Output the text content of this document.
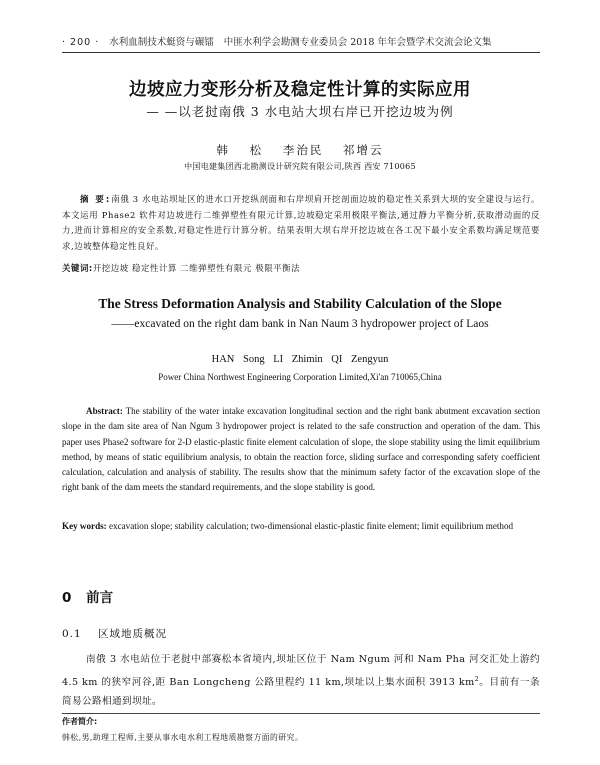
· 200 · 水利血制技术蜓资与碾镭 中匪水利学会勘测专业委员会 2018 年年会暨学术交流会论文集
边坡应力变形分析及稳定性计算的实际应用
— —以老挝南俄 3 水电站大坝右岸已开挖边坡为例
韩 松 李治民 祁增云
中国电建集团西北勘测设计研究院有限公司,陕西 西安 710065
摘 要:南俄 3 水电站坝址区的进水口开挖纵剖面和右岸坝肩开挖剖面边坡的稳定性关系到大坝的安全建设与运行。本文运用 Phase2 软件对边坡进行二维弹塑性有限元计算,边坡稳定采用极限平衡法,通过静力平衡分析,获取滑动面的反力,进而计算相应的安全系数,对稳定性进行计算分析。结果表明大坝右岸开挖边坡在各工况下最小安全系数均满足规范要求,边坡整体稳定性良好。
关键词:开挖边坡 稳定性计算 二维弹塑性有限元 极限平衡法
The Stress Deformation Analysis and Stability Calculation of the Slope
——excavated on the right dam bank in Nan Naum 3 hydropower project of Laos
HAN Song LI Zhimin QI Zengyun
Power China Northwest Engineering Corporation Limited,Xi'an 710065,China
Abstract: The stability of the water intake excavation longitudinal section and the right bank abutment excavation section slope in the dam site area of Nan Ngum 3 hydropower project is related to the safe construction and operation of the dam. This paper uses Phase2 software for 2-D elastic-plastic finite element calculation of slope, the slope stability using the limit equilibrium method, by means of static equilibrium analysis, to obtain the reaction force, sliding surface and corresponding safety coefficient calculation, calculation and analysis of stability. The results show that the minimum safety factor of the excavation slope of the right bank of the dam meets the standard requirements, and the slope stability is good.
Key words: excavation slope; stability calculation; two-dimensional elastic-plastic finite element; limit equilibrium method
0 前言
0.1 区域地质概况
南俄 3 水电站位于老挝中部赛松本省境内,坝址区位于 Nam Ngum 河和 Nam Pha 河交汇处上游约 4.5 km 的狭窄河谷,距 Ban Longcheng 公路里程约 11 km,坝址以上集水面积 3913 $km^2$。目前有一条简易公路相通到坝址。
作者简介:
韩松,男,助理工程师,主要从事水电水利工程地质勘察方面的研究。
